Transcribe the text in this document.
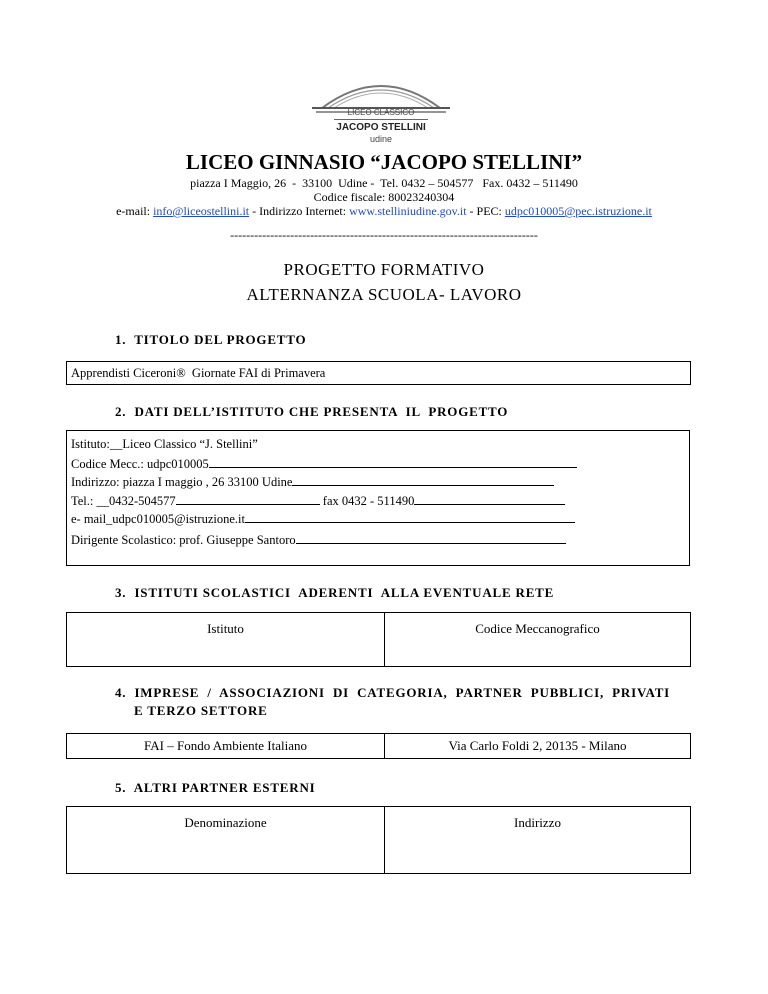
LICEO CLASSICO
JACOPO STELLINI
udine
LICEO GINNASIO “JACOPO STELLINI”
piazza I Maggio, 26  -  33100  Udine -  Tel. 0432 – 504577   Fax. 0432 – 511490
Codice fiscale: 80023240304
e-mail: info@liceostellini.it - Indirizzo Internet: www.stelliniudine.gov.it - PEC: udpc010005@pec.istruzione.it
-----------------------------------------------------------------------------
PROGETTO FORMATIVO
ALTERNANZA SCUOLA- LAVORO
1.  TITOLO DEL PROGETTO
Apprendisti Ciceroni®  Giornate FAI di Primavera
2.  DATI DELL’ISTITUTO CHE PRESENTA  IL  PROGETTO
Istituto:__Liceo Classico “J. Stellini”
Codice Mecc.: udpc010005
Indirizzo: piazza I maggio , 26 33100 Udine
Tel.: __0432-504577	fax 0432 - 511490
e- mail_udpc010005@istruzione.it
Dirigente Scolastico: prof. Giuseppe Santoro
3.  ISTITUTI SCOLASTICI  ADERENTI  ALLA EVENTUALE RETE
Istituto	Codice Meccanografico
4.  IMPRESE  /  ASSOCIAZIONI  DI  CATEGORIA,  PARTNER  PUBBLICI,  PRIVATI
E TERZO SETTORE
FAI – Fondo Ambiente Italiano	Via Carlo Foldi 2, 20135 - Milano
5.  ALTRI PARTNER ESTERNI
Denominazione	Indirizzo
